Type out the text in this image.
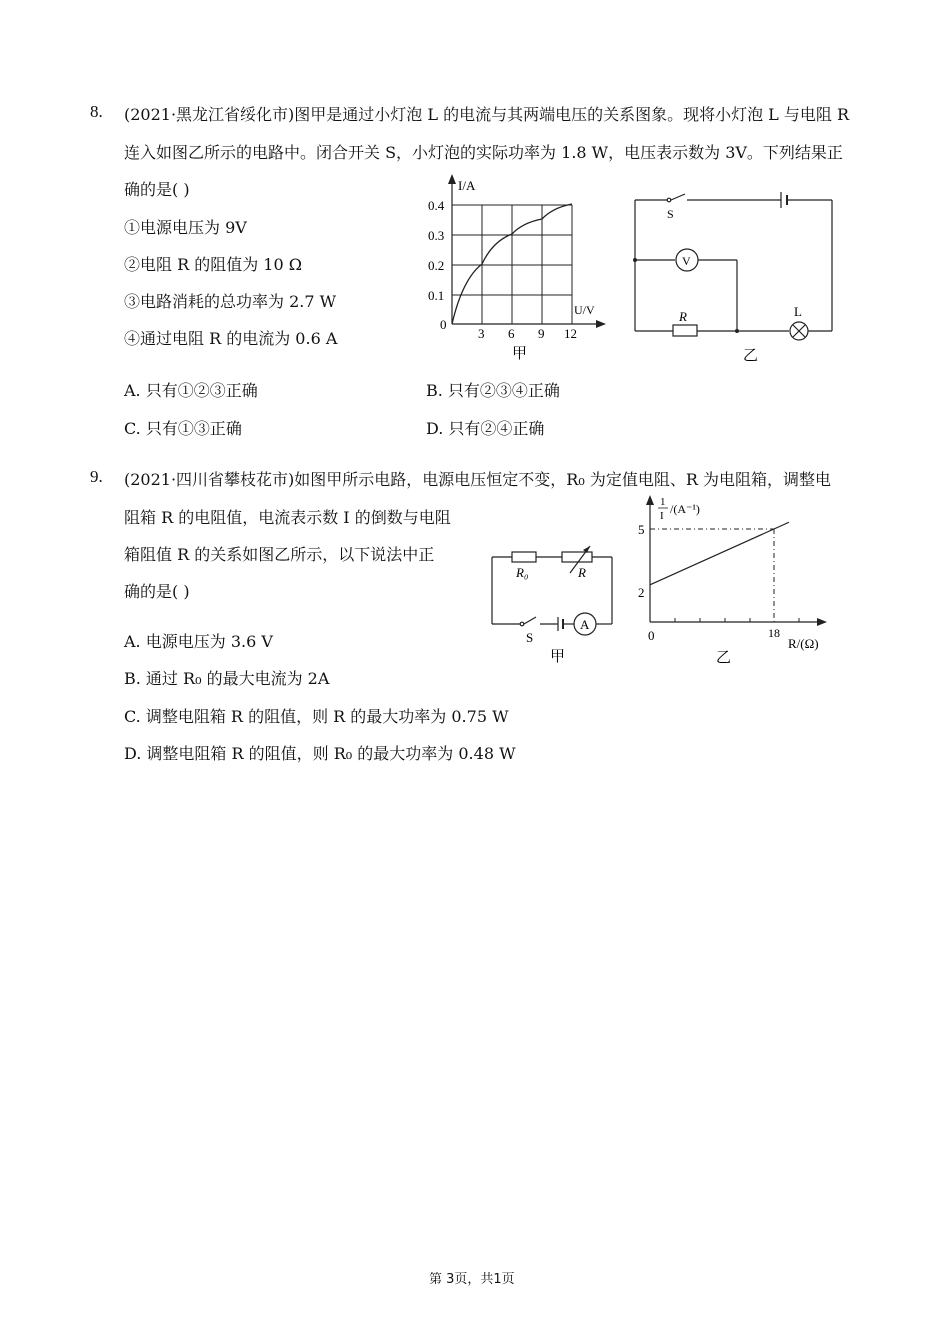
8. (2021·黑龙江省绥化市)图甲是通过小灯泡 L 的电流与其两端电压的关系图象。现将小灯泡 L 与电阻 R
连入如图乙所示的电路中。闭合开关 S，小灯泡的实际功率为 1.8 W，电压表示数为 3V。下列结果正
确的是( )
①电源电压为 9V
②电阻 R 的阻值为 10 Ω
③电路消耗的总功率为 2.7 W
④通过电阻 R 的电流为 0.6 A
I/A
U/V
0.4
0.3
0.2
0.1
0
3 6 9 12
甲
S
V
R	L
乙
A. 只有①②③正确	B. 只有②③④正确
C. 只有①③正确	D. 只有②④正确
9. (2021·四川省攀枝花市)如图甲所示电路，电源电压恒定不变，R₀ 为定值电阻、R 为电阻箱，调整电
阻箱 R 的电阻值，电流表示数 I 的倒数与电阻
箱阻值 R 的关系如图乙所示，以下说法中正
确的是( )
R₀	R
S
A
甲
1
I /(A⁻¹)
5
2
0	18
R/(Ω)
乙
A. 电源电压为 3.6 V
B. 通过 R₀ 的最大电流为 2A
C. 调整电阻箱 R 的阻值，则 R 的最大功率为 0.75 W
D. 调整电阻箱 R 的阻值，则 R₀ 的最大功率为 0.48 W
第 3页，共1页
